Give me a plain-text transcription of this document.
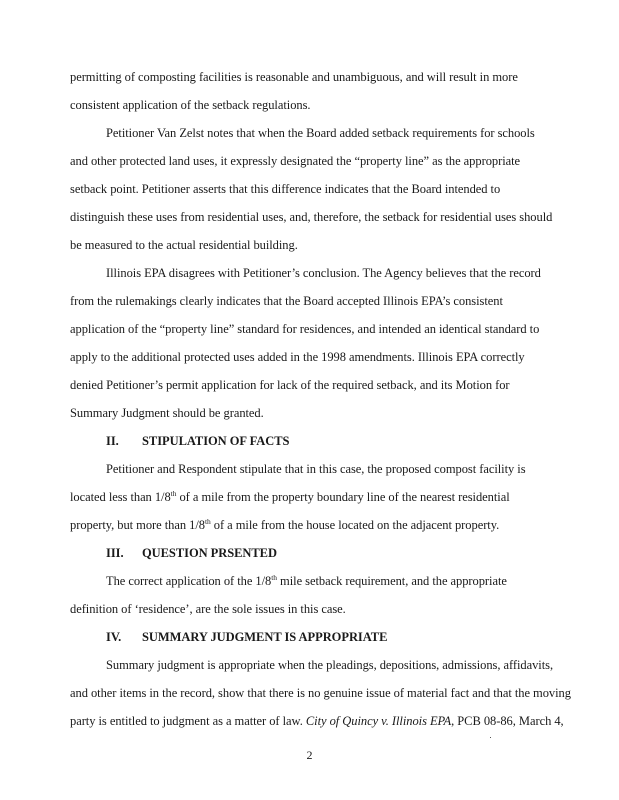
permitting of composting facilities is reasonable and unambiguous, and will result in more
consistent application of the setback regulations.
Petitioner Van Zelst notes that when the Board added setback requirements for schools
and other protected land uses, it expressly designated the “property line” as the appropriate
setback point. Petitioner asserts that this difference indicates that the Board intended to
distinguish these uses from residential uses, and, therefore, the setback for residential uses should
be measured to the actual residential building.
Illinois EPA disagrees with Petitioner’s conclusion. The Agency believes that the record
from the rulemakings clearly indicates that the Board accepted Illinois EPA’s consistent
application of the “property line” standard for residences, and intended an identical standard to
apply to the additional protected uses added in the 1998 amendments. Illinois EPA correctly
denied Petitioner’s permit application for lack of the required setback, and its Motion for
Summary Judgment should be granted.
II. STIPULATION OF FACTS
Petitioner and Respondent stipulate that in this case, the proposed compost facility is
located less than 1/8th of a mile from the property boundary line of the nearest residential
property, but more than 1/8th of a mile from the house located on the adjacent property.
III. QUESTION PRSENTED
The correct application of the 1/8th mile setback requirement, and the appropriate
definition of ‘residence’, are the sole issues in this case.
IV. SUMMARY JUDGMENT IS APPROPRIATE
Summary judgment is appropriate when the pleadings, depositions, admissions, affidavits,
and other items in the record, show that there is no genuine issue of material fact and that the moving
party is entitled to judgment as a matter of law. City of Quincy v. Illinois EPA, PCB 08-86, March 4,
2
